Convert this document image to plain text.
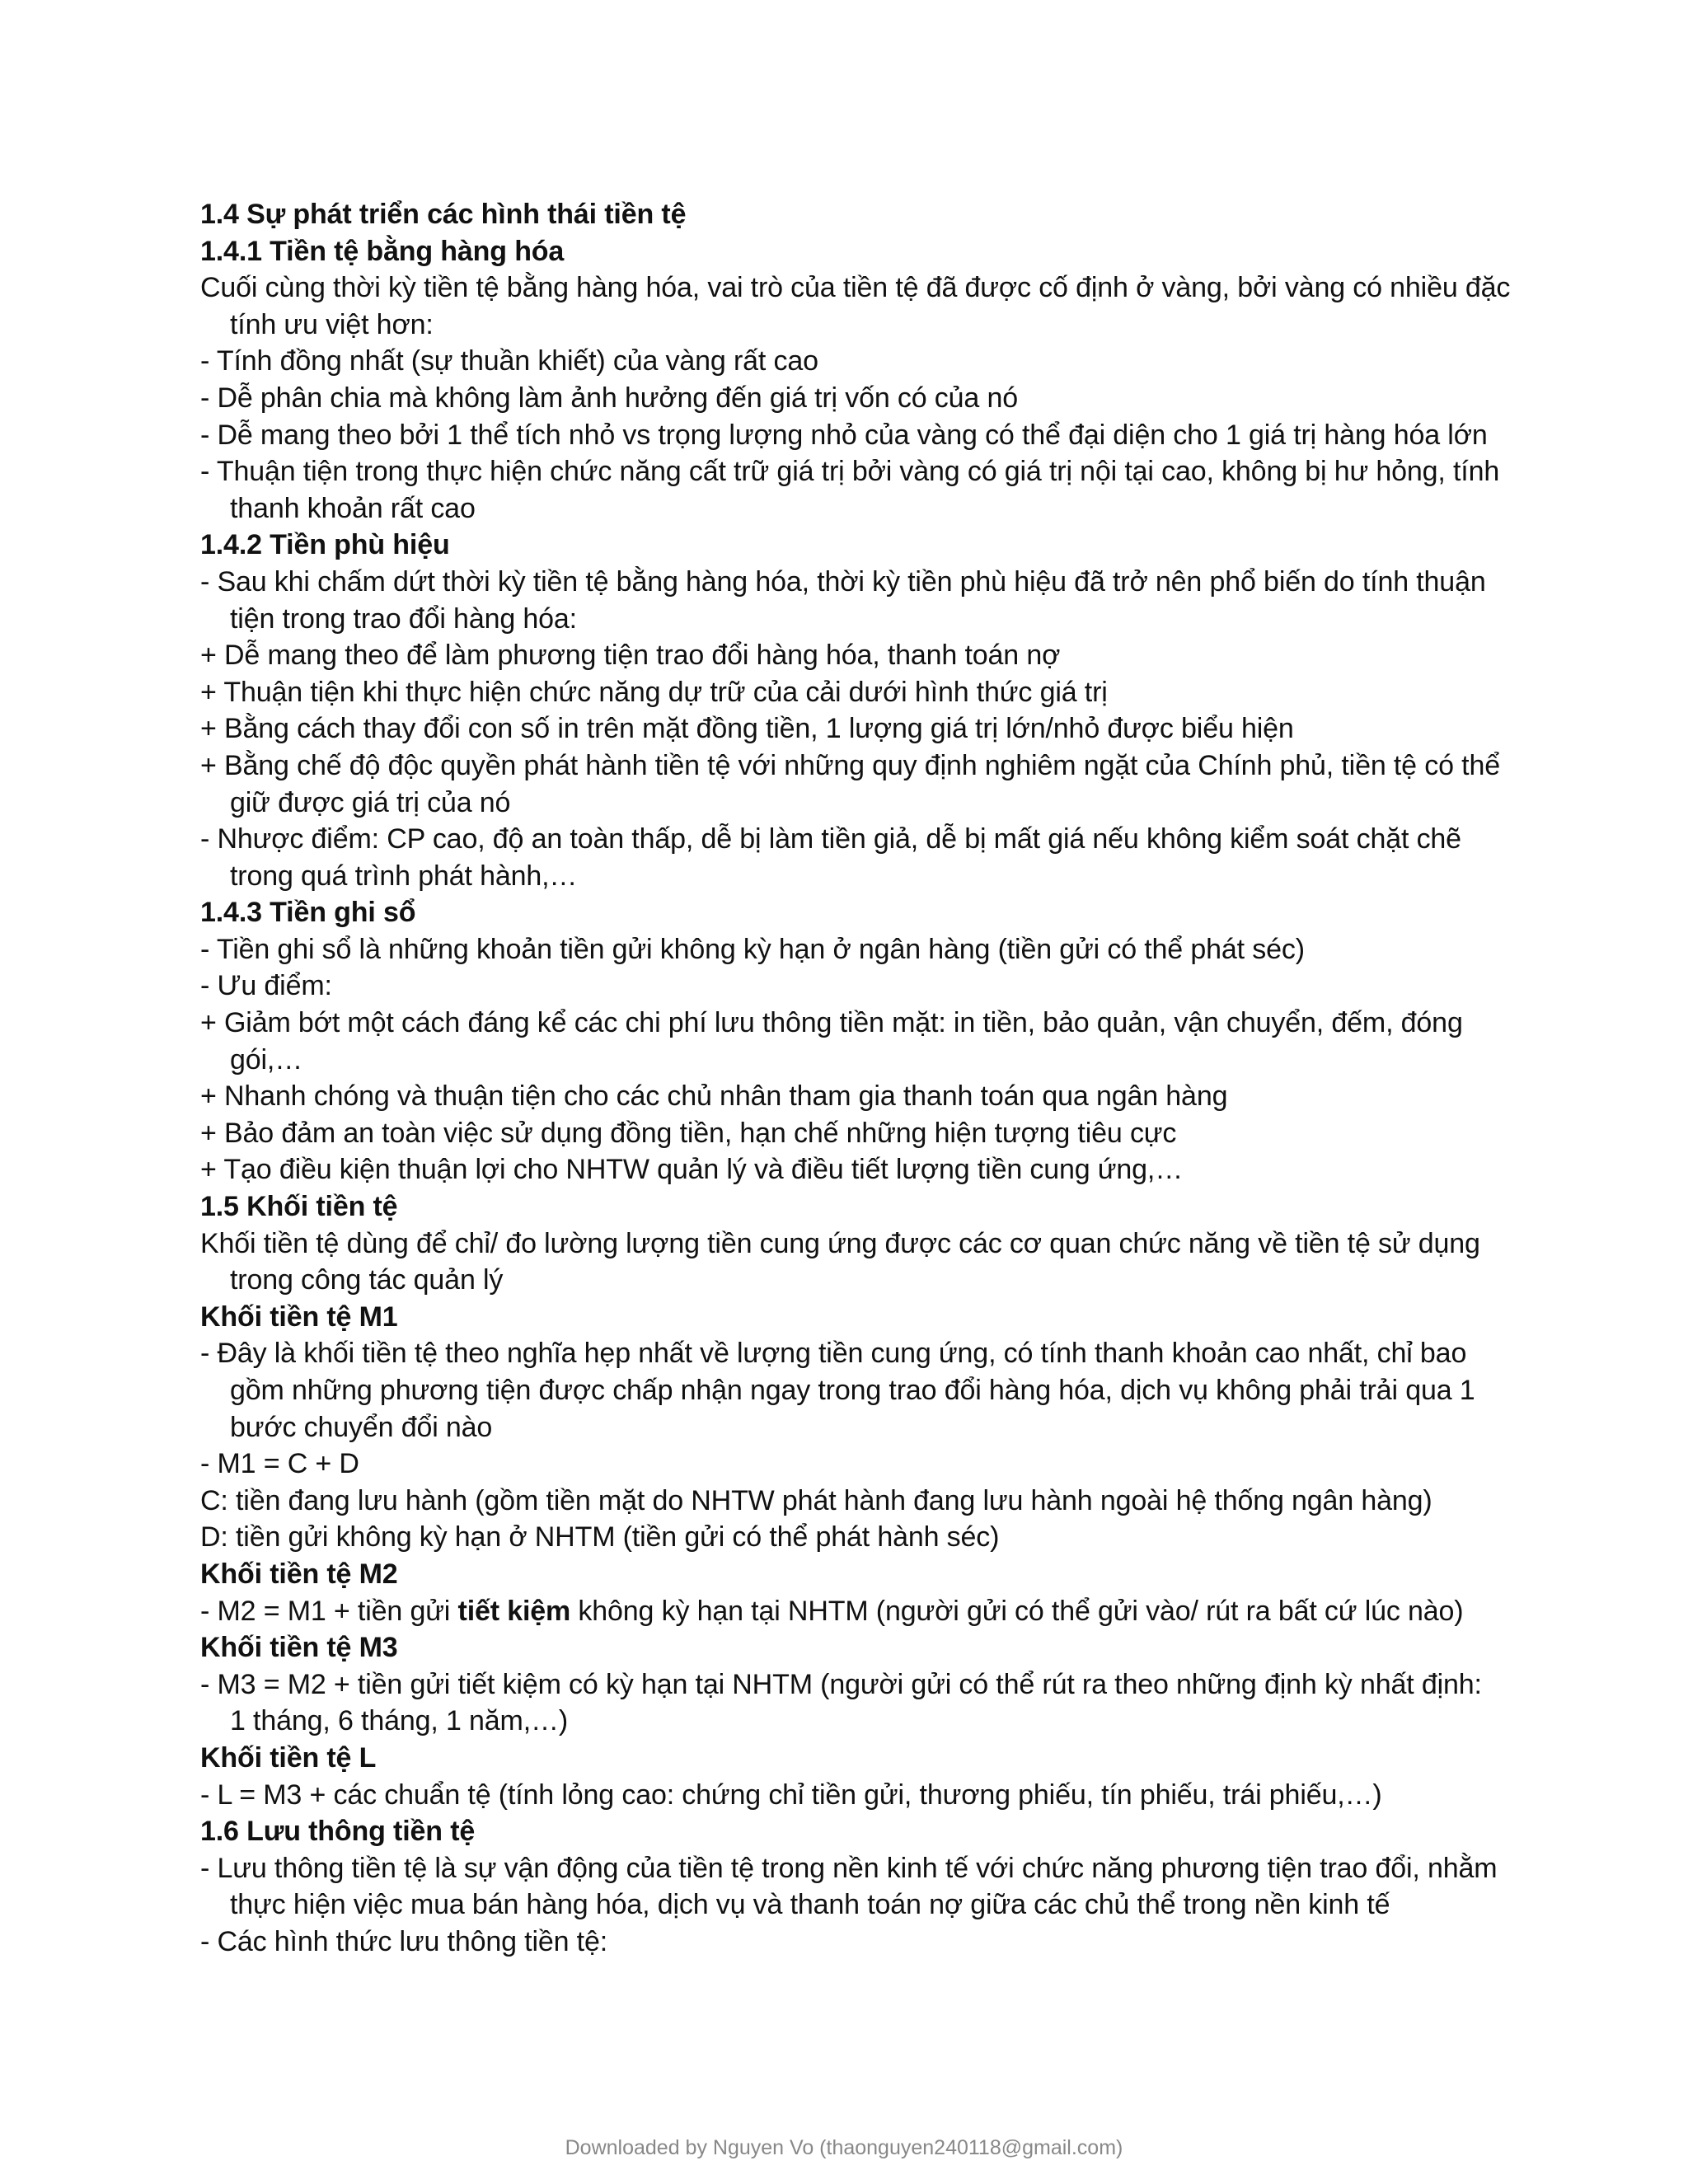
1.4 Sự phát triển các hình thái tiền tệ
1.4.1 Tiền tệ bằng hàng hóa
Cuối cùng thời kỳ tiền tệ bằng hàng hóa, vai trò của tiền tệ đã được cố định ở vàng, bởi vàng có nhiều đặc
tính ưu việt hơn:
- Tính đồng nhất (sự thuần khiết) của vàng rất cao
- Dễ phân chia mà không làm ảnh hưởng đến giá trị vốn có của nó
- Dễ mang theo bởi 1 thể tích nhỏ vs trọng lượng nhỏ của vàng có thể đại diện cho 1 giá trị hàng hóa lớn
- Thuận tiện trong thực hiện chức năng cất trữ giá trị bởi vàng có giá trị nội tại cao, không bị hư hỏng, tính
thanh khoản rất cao
1.4.2 Tiền phù hiệu
- Sau khi chấm dứt thời kỳ tiền tệ bằng hàng hóa, thời kỳ tiền phù hiệu đã trở nên phổ biến do tính thuận
tiện trong trao đổi hàng hóa:
+ Dễ mang theo để làm phương tiện trao đổi hàng hóa, thanh toán nợ
+ Thuận tiện khi thực hiện chức năng dự trữ của cải dưới hình thức giá trị
+ Bằng cách thay đổi con số in trên mặt đồng tiền, 1 lượng giá trị lớn/nhỏ được biểu hiện
+ Bằng chế độ độc quyền phát hành tiền tệ với những quy định nghiêm ngặt của Chính phủ, tiền tệ có thể
giữ được giá trị của nó
- Nhược điểm: CP cao, độ an toàn thấp, dễ bị làm tiền giả, dễ bị mất giá nếu không kiểm soát chặt chẽ
trong quá trình phát hành,…
1.4.3 Tiền ghi sổ
- Tiền ghi sổ là những khoản tiền gửi không kỳ hạn ở ngân hàng (tiền gửi có thể phát séc)
- Ưu điểm:
+ Giảm bớt một cách đáng kể các chi phí lưu thông tiền mặt: in tiền, bảo quản, vận chuyển, đếm, đóng
gói,…
+ Nhanh chóng và thuận tiện cho các chủ nhân tham gia thanh toán qua ngân hàng
+ Bảo đảm an toàn việc sử dụng đồng tiền, hạn chế những hiện tượng tiêu cực
+ Tạo điều kiện thuận lợi cho NHTW quản lý và điều tiết lượng tiền cung ứng,…
1.5 Khối tiền tệ
Khối tiền tệ dùng để chỉ/ đo lường lượng tiền cung ứng được các cơ quan chức năng về tiền tệ sử dụng
trong công tác quản lý
Khối tiền tệ M1
- Đây là khối tiền tệ theo nghĩa hẹp nhất về lượng tiền cung ứng, có tính thanh khoản cao nhất, chỉ bao
gồm những phương tiện được chấp nhận ngay trong trao đổi hàng hóa, dịch vụ không phải trải qua 1
bước chuyển đổi nào
- M1 = C + D
C: tiền đang lưu hành (gồm tiền mặt do NHTW phát hành đang lưu hành ngoài hệ thống ngân hàng)
D: tiền gửi không kỳ hạn ở NHTM (tiền gửi có thể phát hành séc)
Khối tiền tệ M2
- M2 = M1 + tiền gửi tiết kiệm không kỳ hạn tại NHTM (người gửi có thể gửi vào/ rút ra bất cứ lúc nào)
Khối tiền tệ M3
- M3 = M2 + tiền gửi tiết kiệm có kỳ hạn tại NHTM (người gửi có thể rút ra theo những định kỳ nhất định:
1 tháng, 6 tháng, 1 năm,…)
Khối tiền tệ L
- L = M3 + các chuẩn tệ (tính lỏng cao: chứng chỉ tiền gửi, thương phiếu, tín phiếu, trái phiếu,…)
1.6 Lưu thông tiền tệ
- Lưu thông tiền tệ là sự vận động của tiền tệ trong nền kinh tế với chức năng phương tiện trao đổi, nhằm
thực hiện việc mua bán hàng hóa, dịch vụ và thanh toán nợ giữa các chủ thể trong nền kinh tế
- Các hình thức lưu thông tiền tệ:
Downloaded by Nguyen Vo (thaonguyen240118@gmail.com)
